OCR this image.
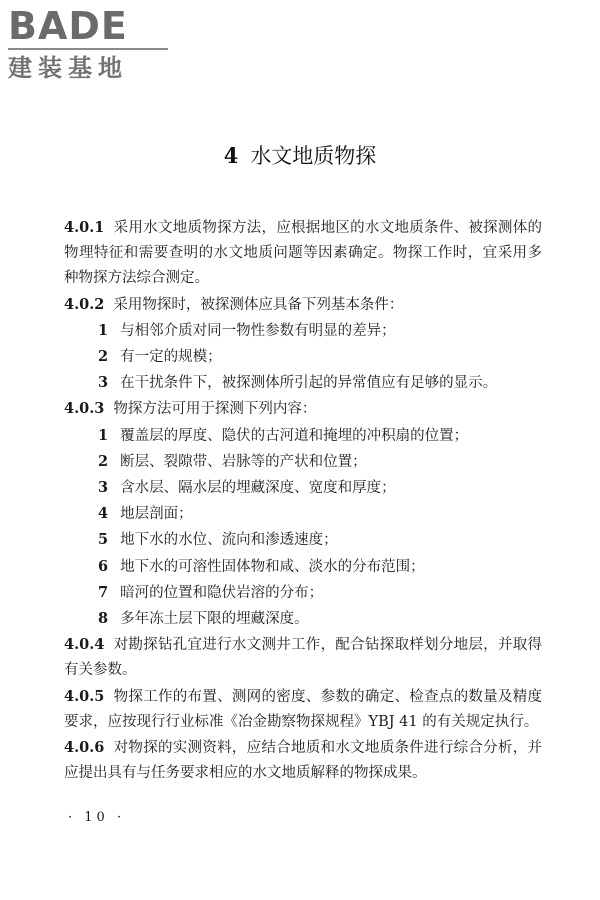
BADE
建装基地
4 水文地质物探

4.0.1 采用水文地质物探方法，应根据地区的水文地质条件、被探测体的物理特征和需要查明的水文地质问题等因素确定。物探工作时，宜采用多种物探方法综合测定。

4.0.2 采用物探时，被探测体应具备下列基本条件：

1 与相邻介质对同一物性参数有明显的差异；

2 有一定的规模；

3 在干扰条件下，被探测体所引起的异常值应有足够的显示。

4.0.3 物探方法可用于探测下列内容：

1 覆盖层的厚度、隐伏的古河道和掩埋的冲积扇的位置；

2 断层、裂隙带、岩脉等的产状和位置；

3 含水层、隔水层的埋藏深度、宽度和厚度；

4 地层剖面；

5 地下水的水位、流向和渗透速度；

6 地下水的可溶性固体物和咸、淡水的分布范围；

7 暗河的位置和隐伏岩溶的分布；

8 多年冻土层下限的埋藏深度。

4.0.4 对勘探钻孔宜进行水文测井工作，配合钻探取样划分地层，并取得有关参数。

4.0.5 物探工作的布置、测网的密度、参数的确定、检查点的数量及精度要求，应按现行行业标准《冶金勘察物探规程》YBJ 41 的有关规定执行。

4.0.6 对物探的实测资料，应结合地质和水文地质条件进行综合分析，并应提出具有与任务要求相应的水文地质解释的物探成果。

· 10 ·
